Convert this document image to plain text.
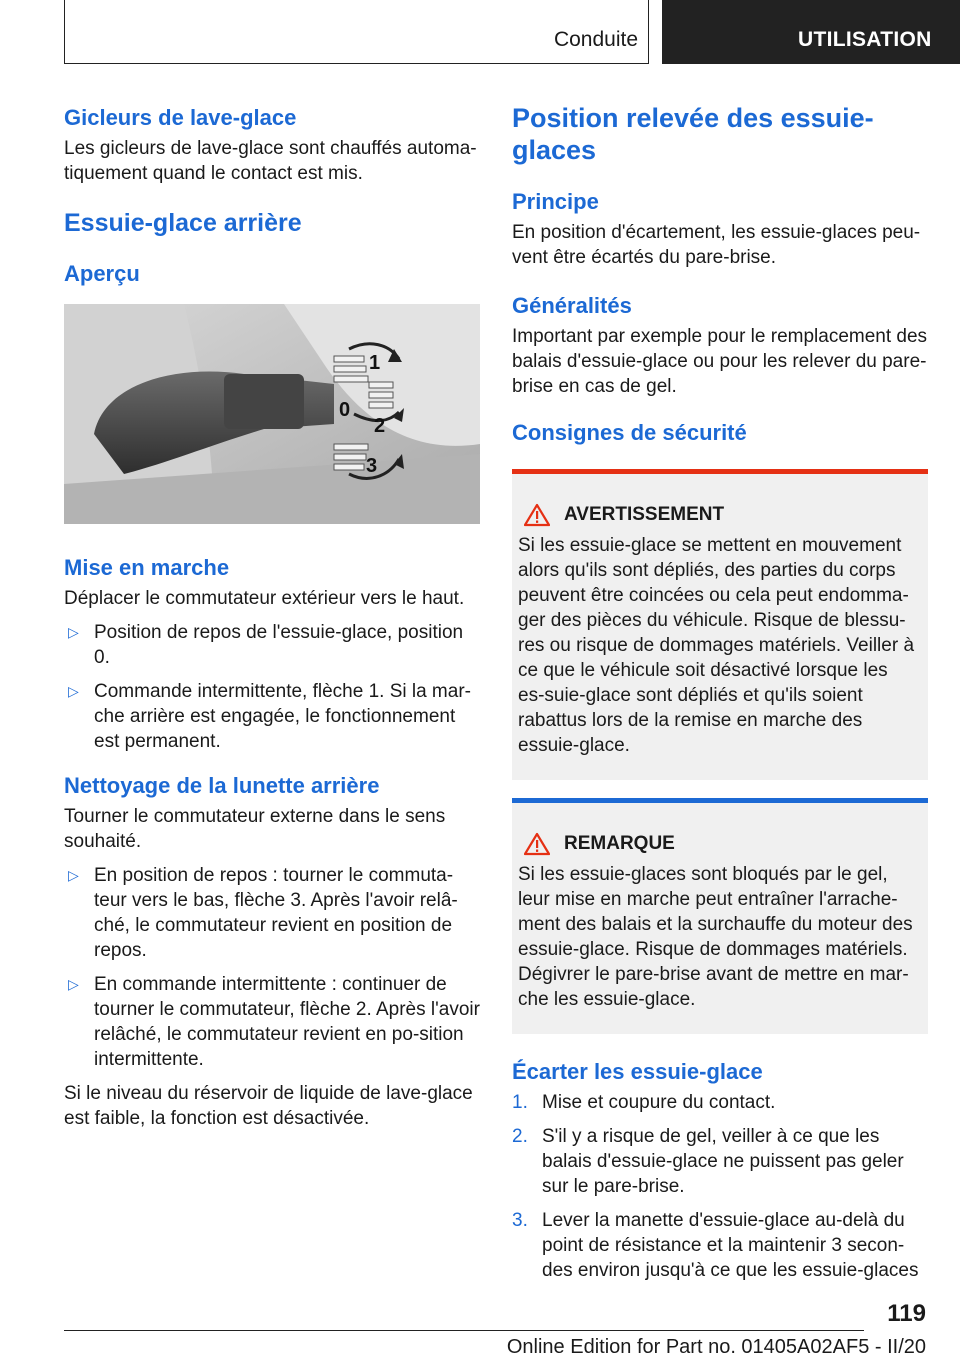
Conduite	UTILISATION
Gicleurs de lave-glace

Les gicleurs de lave-glace sont chauffés automa-tiquement quand le contact est mis.

Essuie-glace arrière
Aperçu
1
0
2
3
Mise en marche

Déplacer le commutateur extérieur vers le haut.

▷ Position de repos de l'essuie-glace, position 0.
▷ Commande intermittente, flèche 1. Si la mar-che arrière est engagée, le fonctionnement est permanent.
Nettoyage de la lunette arrière

Tourner le commutateur externe dans le sens souhaité.

▷ En position de repos : tourner le commuta-teur vers le bas, flèche 3. Après l'avoir relâ-ché, le commutateur revient en position de repos.
▷ En commande intermittente : continuer de tourner le commutateur, flèche 2. Après l'avoir relâché, le commutateur revient en po-sition intermittente.

Si le niveau du réservoir de liquide de lave-glace est faible, la fonction est désactivée.

Position relevée des essuie-glaces
Principe

En position d'écartement, les essuie-glaces peu-vent être écartés du pare-brise.

Généralités

Important par exemple pour le remplacement des balais d'essuie-glace ou pour les relever du pare-brise en cas de gel.

Consignes de sécurité
AVERTISSEMENT
Si les essuie-glace se mettent en mouvement alors qu'ils sont dépliés, des parties du corps peuvent être coincées ou cela peut endomma-ger des pièces du véhicule. Risque de blessu-res ou risque de dommages matériels. Veiller à ce que le véhicule soit désactivé lorsque les es-suie-glace sont dépliés et qu'ils soient rabattus lors de la remise en marche des essuie-glace.
REMARQUE
Si les essuie-glaces sont bloqués par le gel, leur mise en marche peut entraîner l'arrache-ment des balais et la surchauffe du moteur des essuie-glace. Risque de dommages matériels. Dégivrer le pare-brise avant de mettre en mar-che les essuie-glace.
Écarter les essuie-glace
1. Mise et coupure du contact.
2. S'il y a risque de gel, veiller à ce que les balais d'essuie-glace ne puissent pas geler sur le pare-brise.
3. Lever la manette d'essuie-glace au-delà du point de résistance et la maintenir 3 secon-des environ jusqu'à ce que les essuie-glaces
119
Online Edition for Part no. 01405A02AF5 - II/20
